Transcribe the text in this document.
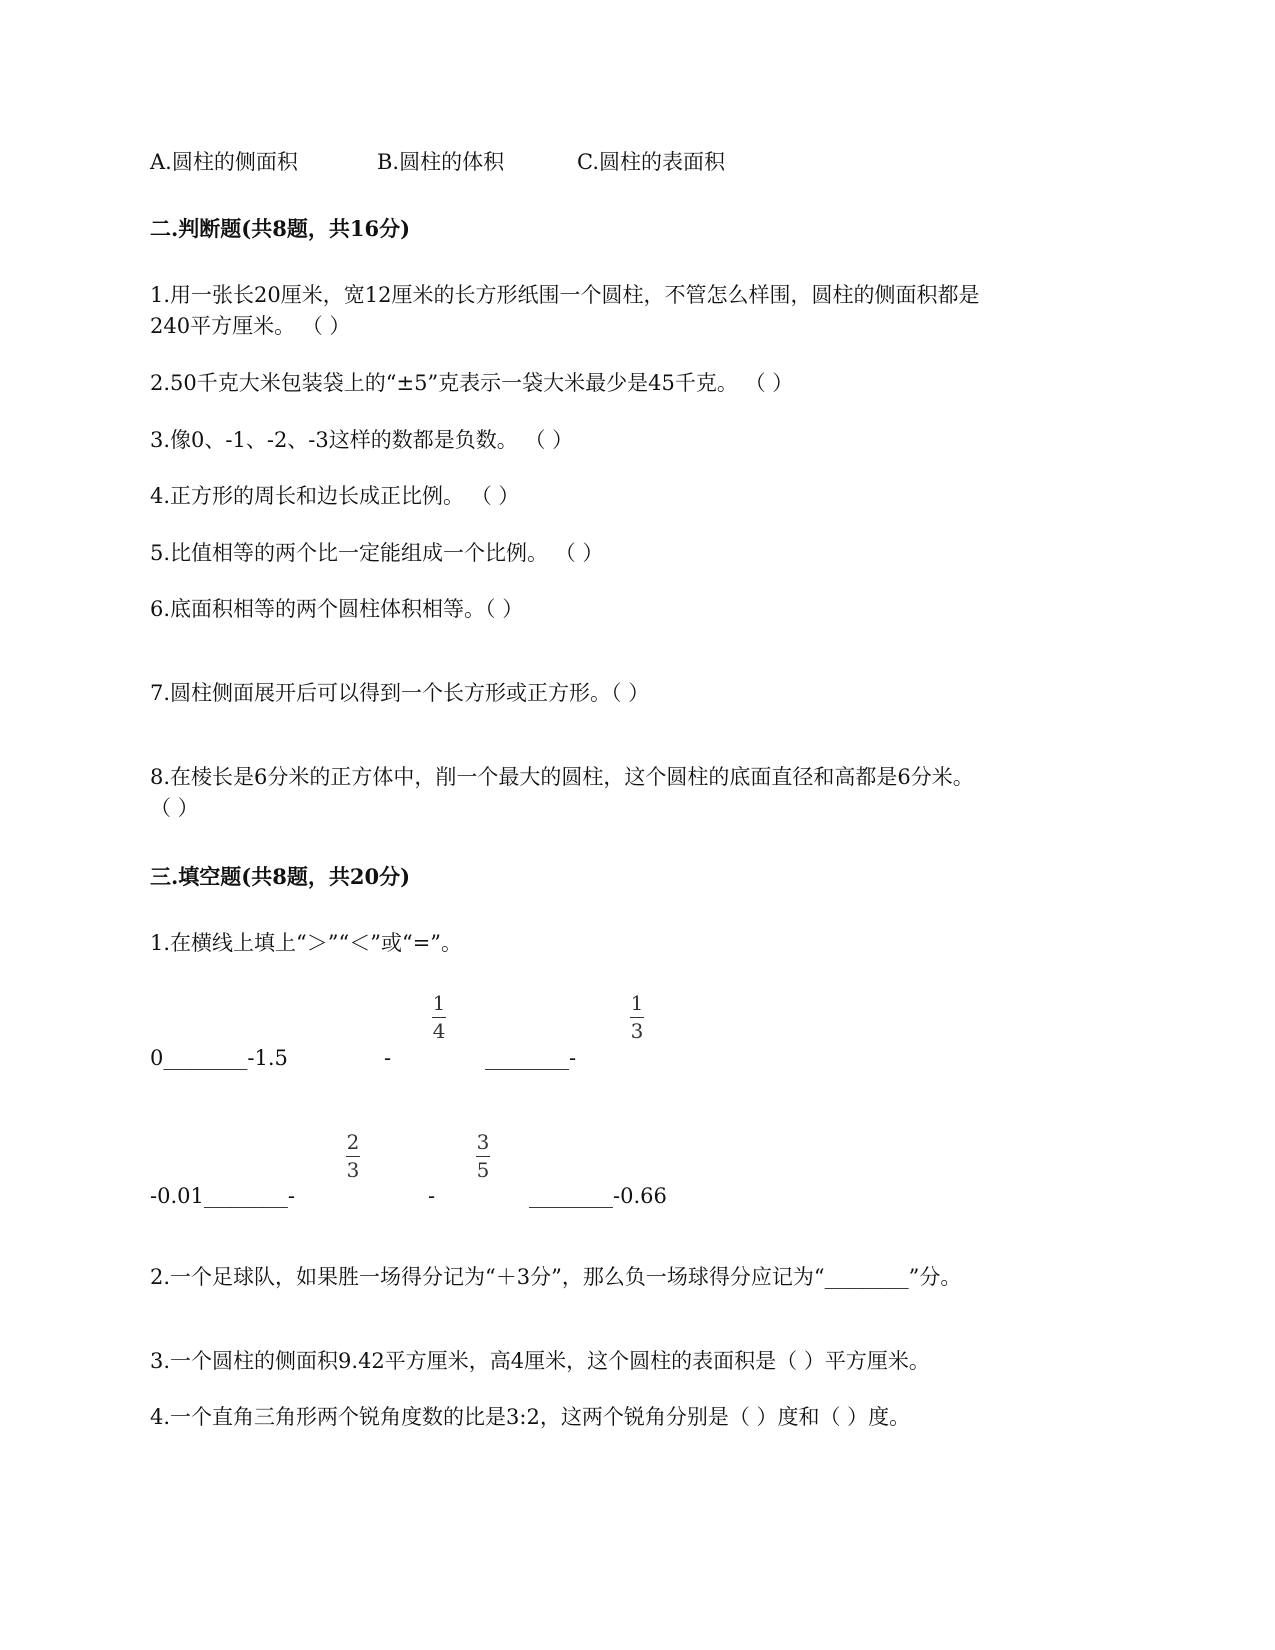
A.圆柱的侧面积	B.圆柱的体积	C.圆柱的表面积
二.判断题(共8题，共16分)
1.用一张长20厘米，宽12厘米的长方形纸围一个圆柱，不管怎么样围，圆柱的侧面积都是
240平方厘米。 （ ）
2.50千克大米包装袋上的“±5”克表示一袋大米最少是45千克。 （ ）
3.像0、-1、-2、-3这样的数都是负数。 （ ）
4.正方形的周长和边长成正比例。 （ ）
5.比值相等的两个比一定能组成一个比例。 （ ）
6.底面积相等的两个圆柱体积相等。（ ）
7.圆柱侧面展开后可以得到一个长方形或正方形。（ ）
8.在棱长是6分米的正方体中，削一个最大的圆柱，这个圆柱的底面直径和高都是6分米。
（ ）
三.填空题(共8题，共20分)
1.在横线上填上“＞”“＜”或“=”。
0________-1.5	-
1
4
________-
1
3
-0.01________-
2
3
-
3
5
________-0.66
2.一个足球队，如果胜一场得分记为“＋3分”，那么负一场球得分应记为“________”分。
3.一个圆柱的侧面积9.42平方厘米，高4厘米，这个圆柱的表面积是（ ）平方厘米。
4.一个直角三角形两个锐角度数的比是3:2，这两个锐角分别是（ ）度和（ ）度。
